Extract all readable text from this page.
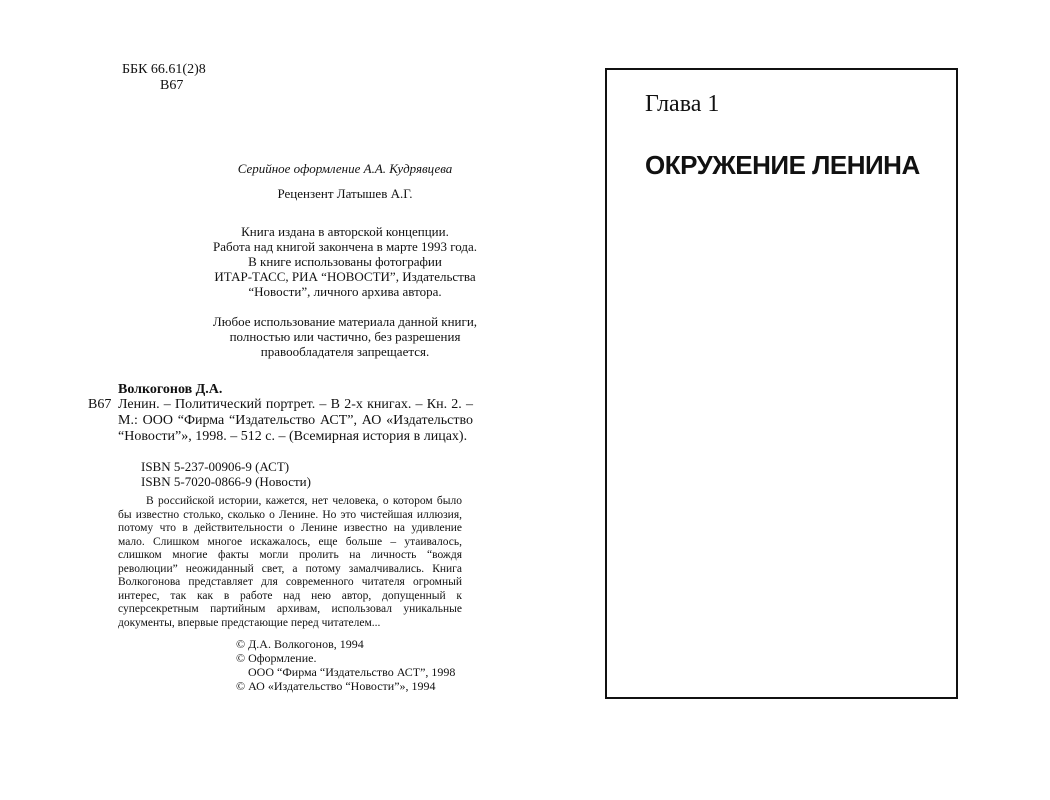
ББК 66.61(2)8
В67
Серийное оформление А.А. Кудрявцева
Рецензент Латышев А.Г.
Книга издана в авторской концепции.
Работа над книгой закончена в марте 1993 года.
В книге использованы фотографии
ИТАР-ТАСС, РИА “НОВОСТИ”, Издательства
“Новости”, личного архива автора.
Любое использование материала данной книги,
полностью или частично, без разрешения
правообладателя запрещается.
Волкогонов Д.А.
В67 Ленин. – Политический портрет. – В 2-х книгах. – Кн. 2. – М.: ООО “Фирма “Издательство АСТ”, АО «Издательство “Новости”», 1998. – 512 с. – (Всемирная история в лицах).
ISBN 5-237-00906-9 (АСТ)
ISBN 5-7020-0866-9 (Новости)
В российской истории, кажется, нет человека, о котором было бы известно столько, сколько о Ленине. Но это чистейшая иллюзия, потому что в действительности о Ленине известно на удивление мало. Слишком многое искажалось, еще больше – утаивалось, слишком многие факты могли пролить на личность “вождя революции” неожиданный свет, а потому замалчивались. Книга Волкогонова представляет для современного читателя огромный интерес, так как в работе над нею автор, допущенный к суперсекретным партийным архивам, использовал уникальные документы, впервые предстающие перед читателем...
© Д.А. Волкогонов, 1994
© Оформление.
ООО “Фирма “Издательство АСТ”, 1998
© АО «Издательство “Новости”», 1994
Глава 1
ОКРУЖЕНИЕ ЛЕНИНА
